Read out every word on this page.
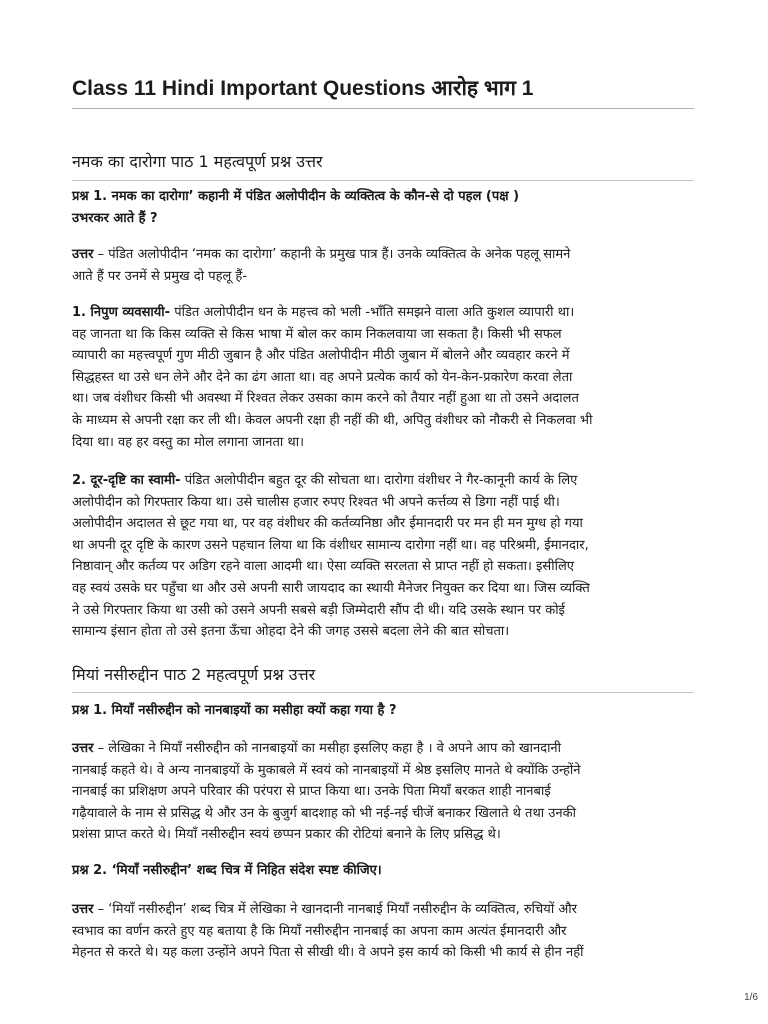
Class 11 Hindi Important Questions आरोह भाग 1
नमक का दारोगा पाठ 1 महत्वपूर्ण प्रश्न उत्तर
प्रश्न 1. नमक का दारोगा’ कहानी में पंडित अलोपीदीन के व्यक्तित्व के कौन-से दो पहल (पक्ष )
उभरकर आते हैं ?
उत्तर – पंडित अलोपीदीन ‘नमक का दारोगा’ कहानी के प्रमुख पात्र हैं। उनके व्यक्तित्व के अनेक पहलू सामने
आते हैं पर उनमें से प्रमुख दो पहलू हैं-
1. निपुण व्यवसायी- पंडित अलोपीदीन धन के महत्त्व को भली -भाँति समझने वाला अति कुशल व्यापारी था।
वह जानता था कि किस व्यक्ति से किस भाषा में बोल कर काम निकलवाया जा सकता है। किसी भी सफल
व्यापारी का महत्त्वपूर्ण गुण मीठी जुबान है और पंडित अलोपीदीन मीठी जुबान में बोलने और व्यवहार करने में
सिद्धहस्त था उसे धन लेने और देने का ढंग आता था। वह अपने प्रत्येक कार्य को येन-केन-प्रकारेण करवा लेता
था। जब वंशीधर किसी भी अवस्था में रिश्वत लेकर उसका काम करने को तैयार नहीं हुआ था तो उसने अदालत
के माध्यम से अपनी रक्षा कर ली थी। केवल अपनी रक्षा ही नहीं की थी, अपितु वंशीधर को नौकरी से निकलवा भी
दिया था। वह हर वस्तु का मोल लगाना जानता था।
2. दूर-दृष्टि का स्वामी- पंडित अलोपीदीन बहुत दूर की सोचता था। दारोगा वंशीधर ने गैर-कानूनी कार्य के लिए
अलोपीदीन को गिरफ्तार किया था। उसे चालीस हजार रुपए रिश्वत भी अपने कर्त्तव्य से डिगा नहीं पाई थी।
अलोपीदीन अदालत से छूट गया था, पर वह वंशीधर की कर्तव्यनिष्ठा और ईमानदारी पर मन ही मन मुग्ध हो गया
था अपनी दूर दृष्टि के कारण उसने पहचान लिया था कि वंशीधर सामान्य दारोगा नहीं था। वह परिश्रमी, ईमानदार,
निष्ठावान् और कर्तव्य पर अडिग रहने वाला आदमी था। ऐसा व्यक्ति सरलता से प्राप्त नहीं हो सकता। इसीलिए
वह स्वयं उसके घर पहुँचा था और उसे अपनी सारी जायदाद का स्थायी मैनेजर नियुक्त कर दिया था। जिस व्यक्ति
ने उसे गिरफ्तार किया था उसी को उसने अपनी सबसे बड़ी जिम्मेदारी सौंप दी थी। यदि उसके स्थान पर कोई
सामान्य इंसान होता तो उसे इतना ऊँचा ओहदा देने की जगह उससे बदला लेने की बात सोचता।
मियां नसीरुद्दीन पाठ 2 महत्वपूर्ण प्रश्न उत्तर
प्रश्न 1. मियाँ नसीरुद्दीन को नानबाइयों का मसीहा क्यों कहा गया है ?
उत्तर – लेखिका ने मियाँ नसीरुद्दीन को नानबाइयों का मसीहा इसलिए कहा है । वे अपने आप को खानदानी
नानबाई कहते थे। वे अन्य नानबाइयों के मुकाबले में स्वयं को नानबाइयों में श्रेष्ठ इसलिए मानते थे क्योंकि उन्होंने
नानबाई का प्रशिक्षण अपने परिवार की परंपरा से प्राप्त किया था। उनके पिता मियाँ बरकत शाही नानबाई
गढ़ैयावाले के नाम से प्रसिद्ध थे और उन के बुजुर्ग बादशाह को भी नई-नई चीजें बनाकर खिलाते थे तथा उनकी
प्रशंसा प्राप्त करते थे। मियाँ नसीरुद्दीन स्वयं छप्पन प्रकार की रोटियां बनाने के लिए प्रसिद्ध थे।
प्रश्न 2. ‘मियाँ नसीरुद्दीन’ शब्द चित्र में निहित संदेश स्पष्ट कीजिए।
उत्तर – ‘मियाँ नसीरुद्दीन’ शब्द चित्र में लेखिका ने खानदानी नानबाई मियाँ नसीरुद्दीन के व्यक्तित्व, रुचियों और
स्वभाव का वर्णन करते हुए यह बताया है कि मियाँ नसीरुद्दीन नानबाई का अपना काम अत्यंत ईमानदारी और
मेहनत से करते थे। यह कला उन्होंने अपने पिता से सीखी थी। वे अपने इस कार्य को किसी भी कार्य से हीन नहीं
1/6
